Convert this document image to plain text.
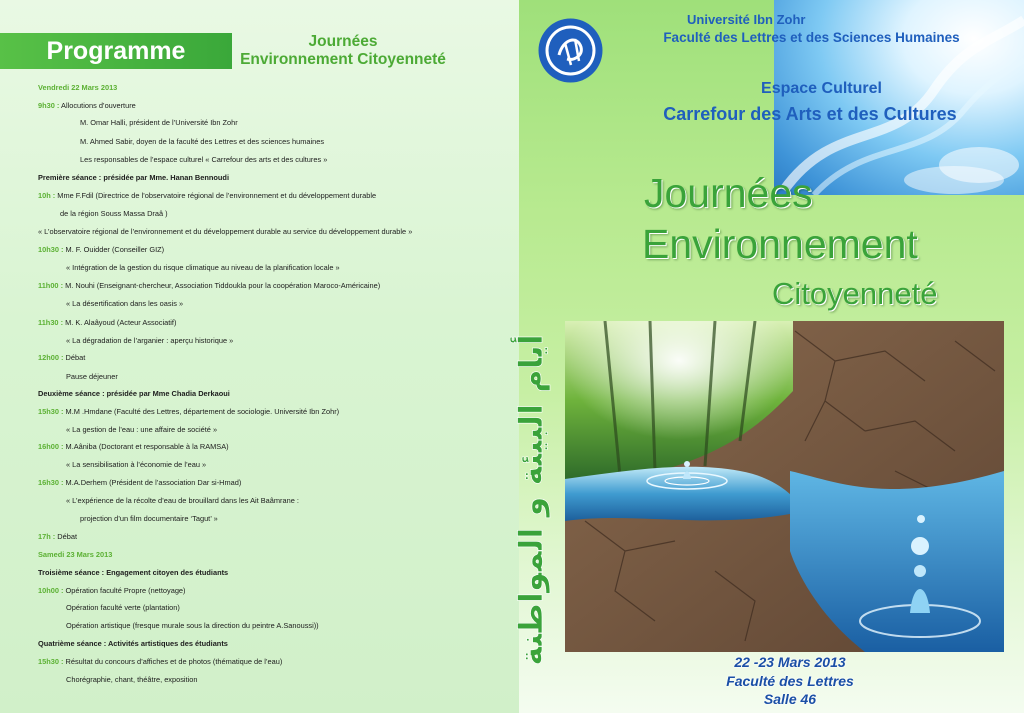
Programme	Journées
Environnement Citoyenneté
Vendredi 22 Mars 2013
9h30 : Allocutions d’ouverture
M. Omar Halli, président de l’Université Ibn Zohr
M. Ahmed Sabir, doyen de la faculté des Lettres et des sciences humaines
Les responsables de l’espace culturel « Carrefour des arts et des cultures »
Première séance : présidée par Mme. Hanan Bennoudi
10h : Mme F.Fdil (Directrice de l’observatoire régional de l’environnement et du développement durable
de la région Souss Massa Draâ )
« L’observatoire régional de l’environnement et du développement durable au service du développement durable »
10h30 : M. F. Ouidder (Conseiller GIZ)
« Intégration de la gestion du risque climatique au niveau de la planification locale »
11h00 : M. Nouhi (Enseignant-chercheur, Association Tiddoukla pour la coopération Maroco-Américaine)
« La désertification dans les oasis »
11h30 : M. K. Alaâyoud (Acteur Associatif)
« La dégradation de l’arganier : aperçu historique »
12h00 : Débat
Pause déjeuner
Deuxième séance : présidée par Mme Chadia Derkaoui
15h30 : M.M .Hmdane (Faculté des Lettres, département de sociologie. Université Ibn Zohr)
« La gestion de l’eau : une affaire de société »
16h00 : M.Aâniba (Doctorant et responsable à la RAMSA)
« La sensibilisation à l’économie de l’eau »
16h30 : M.A.Derhem (Président de l’association Dar si-Hmad)
« L’expérience de la récolte d’eau de brouillard dans les Ait Baâmrane :
projection d’un film documentaire ‘Tagut’ »
17h : Débat
Samedi 23 Mars 2013
Troisième séance : Engagement citoyen des étudiants
10h00 : Opération faculté Propre (nettoyage)
Opération faculté verte (plantation)
Opération artistique (fresque murale sous la direction du peintre A.Sanoussi))
Quatrième séance : Activités artistiques des étudiants
15h30 : Résultat du concours d’affiches et de photos (thématique de l’eau)
Chorégraphie, chant, théâtre, exposition
Université Ibn Zohr
Faculté des Lettres et des Sciences Humaines
Espace Culturel
Carrefour des Arts et des Cultures
Journées
Environnement
Citoyenneté
أيام البيئة و المواطنة	22 -23 Mars 2013
Faculté des Lettres
Salle 46
